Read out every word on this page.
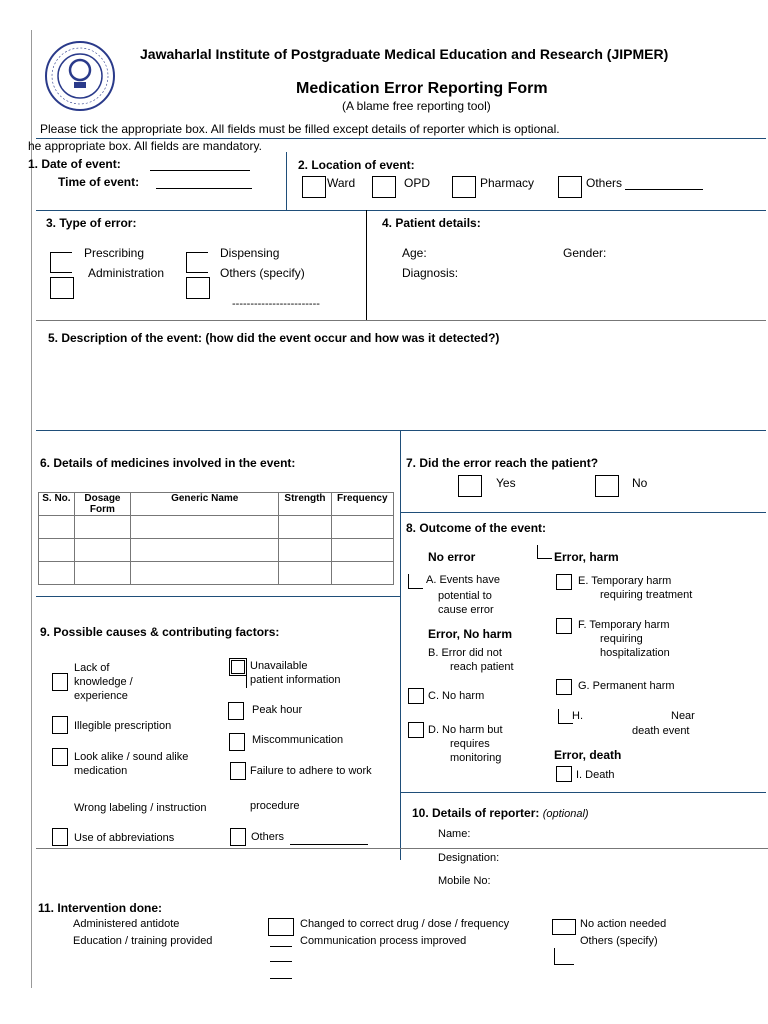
Jawaharlal Institute of Postgraduate Medical Education and Research (JIPMER)
Medication Error Reporting Form
(A blame free reporting tool)
Please tick the appropriate box. All fields must be filled except details of reporter which is optional.
he appropriate box. All fields are mandatory.
1. Date of event:
Time of event:
2. Location of event:
Ward	OPD	Pharmacy	Others
3. Type of error:
Prescribing
Administration
Dispensing
Others (specify)
------------------------
4. Patient details:
Age:	Gender:
Diagnosis:
5. Description of the event: (how did the event occur and how was it detected?)
6. Details of medicines involved in the event:
S. No.	Dosage Form	Generic Name	Strength	Frequency

7. Did the error reach the patient?
Yes	No
8. Outcome of the event:
No error	Error, harm
A. Events have
potential to
cause error
E. Temporary harm
requiring treatment
Error, No harm
F. Temporary harm
requiring
hospitalization
B. Error did not
reach patient
G. Permanent harm
C. No harm
H.	Near
death event
D. No harm but
requires
monitoring	Error, death
I. Death
9. Possible causes & contributing factors:
Lack of
knowledge /
experience
Unavailable
patient information
Peak hour
Illegible prescription
Miscommunication
Look alike / sound alike
medication	Failure to adhere to work
procedure
Wrong labeling / instruction
Use of abbreviations	Others
10. Details of reporter: (optional)
Name:
Designation:
Mobile No:
11. Intervention done:
Administered antidote
Education / training provided
Changed to correct drug / dose / frequency
Communication process improved
No action needed
Others (specify)
